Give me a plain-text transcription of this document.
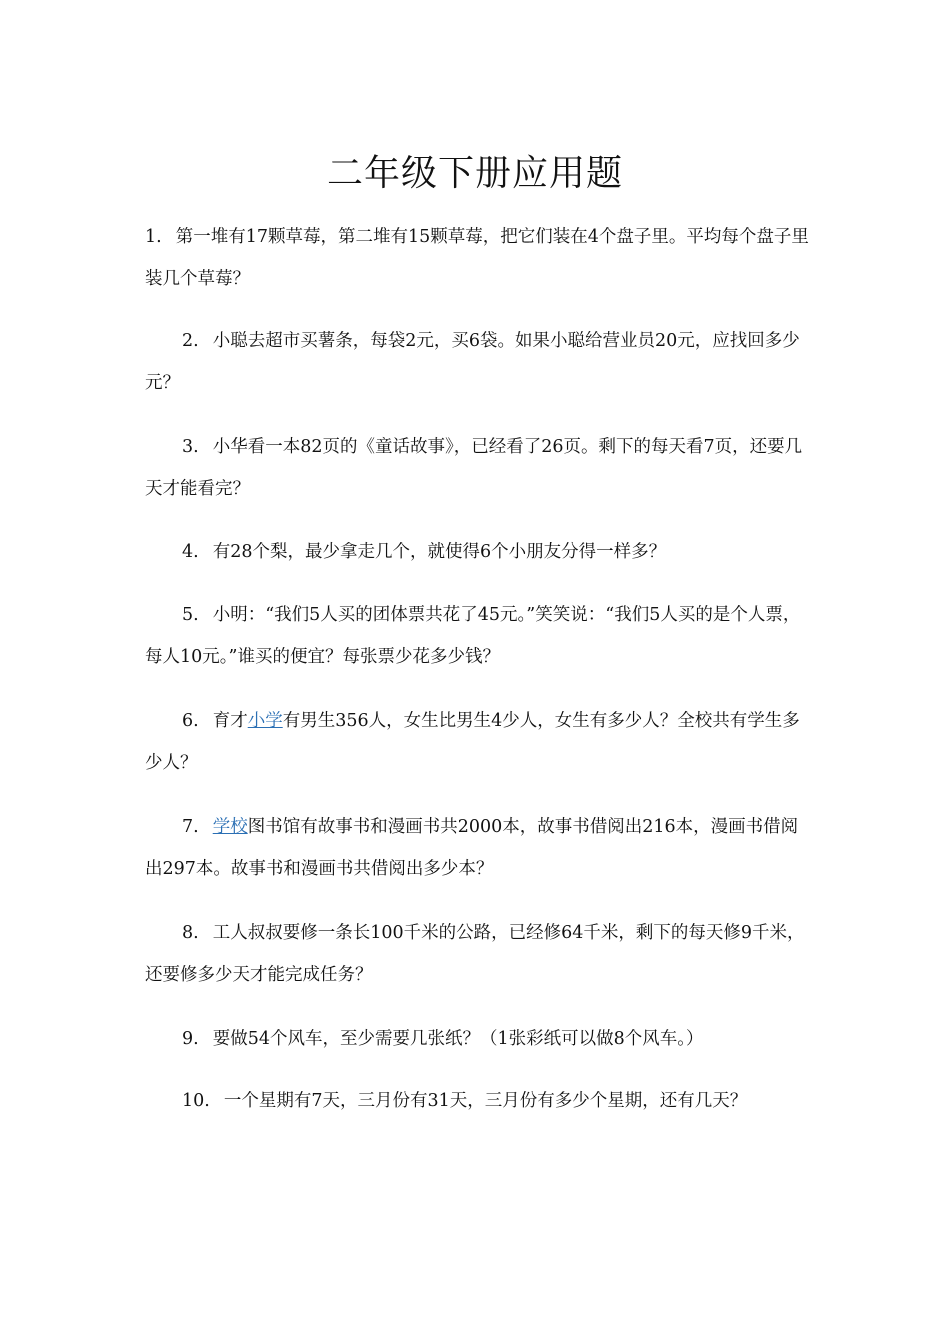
二年级下册应用题

1. 第一堆有17颗草莓，第二堆有15颗草莓，把它们装在4个盘子里。平均每个盘子里装几个草莓？

2. 小聪去超市买薯条，每袋2元，买6袋。如果小聪给营业员20元，应找回多少元？

3. 小华看一本82页的《童话故事》，已经看了26页。剩下的每天看7页，还要几天才能看完？

4. 有28个梨，最少拿走几个，就使得6个小朋友分得一样多？

5. 小明：“我们5人买的团体票共花了45元。”笑笑说：“我们5人买的是个人票，每人10元。”谁买的便宜？每张票少花多少钱？

6. 育才小学有男生356人，女生比男生4少人，女生有多少人？全校共有学生多少人？

7. 学校图书馆有故事书和漫画书共2000本，故事书借阅出216本，漫画书借阅出297本。故事书和漫画书共借阅出多少本？

8. 工人叔叔要修一条长100千米的公路，已经修64千米，剩下的每天修9千米，还要修多少天才能完成任务？

9. 要做54个风车，至少需要几张纸？（1张彩纸可以做8个风车。）

10. 一个星期有7天，三月份有31天，三月份有多少个星期，还有几天？
